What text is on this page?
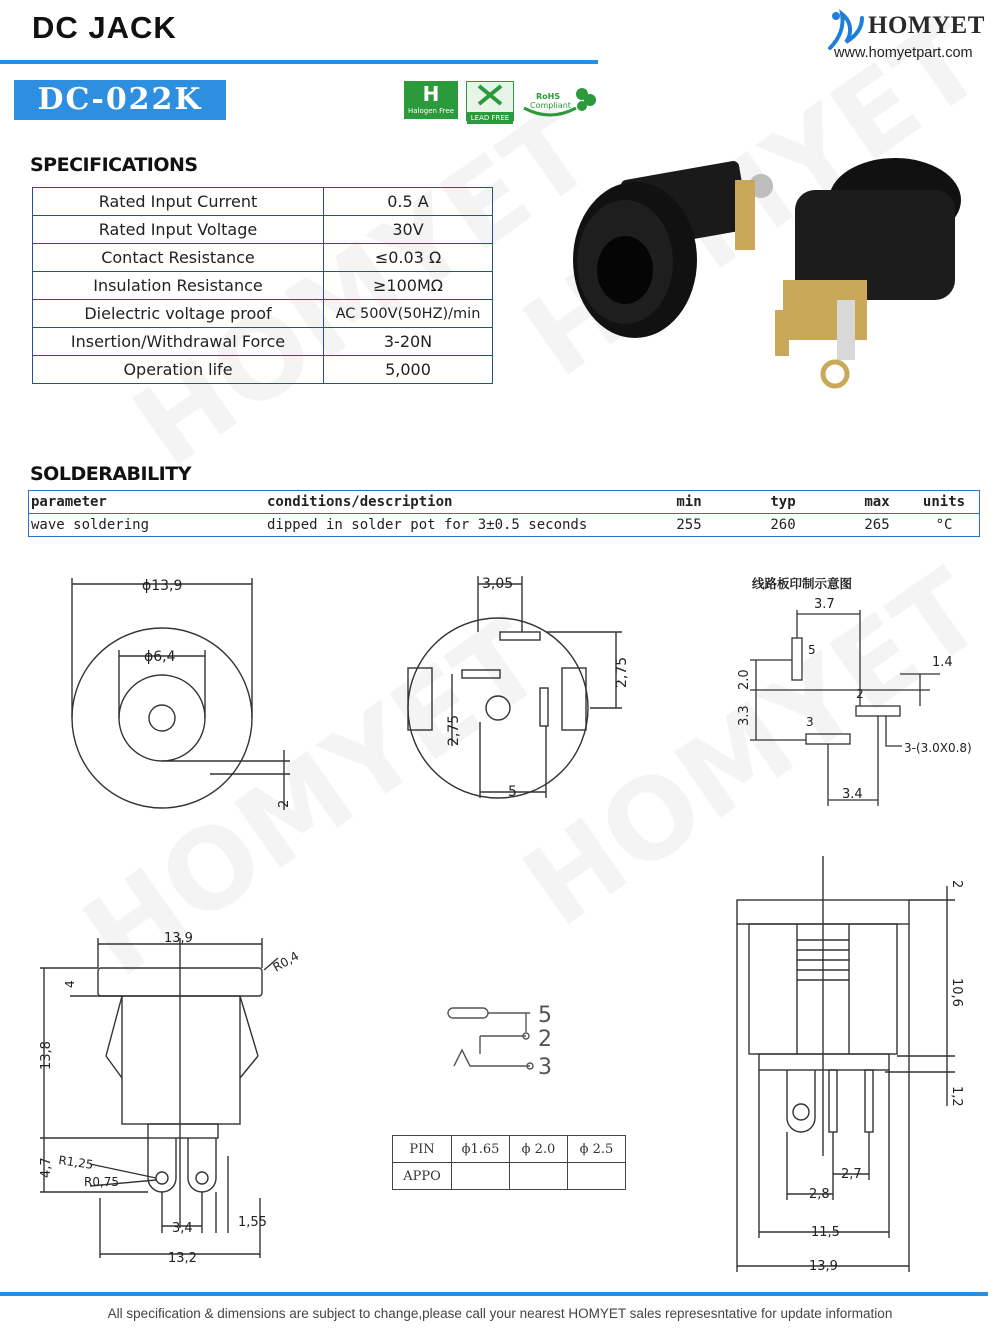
DC JACK	HOMYET
www.homyetpart.com
DC-022K	H
Halogen Free
LEAD FREE
RoHS
Compliant
SPECIFICATIONS
Rated Input Current	0.5 A
Rated Input Voltage	30V
Contact Resistance	≤0.03 Ω
Insulation Resistance	≥100MΩ
Dielectric voltage proof	AC 500V(50HZ)/min
Insertion/Withdrawal Force	3-20N
Operation life	5,000
SOLDERABILITY
parameter	conditions/description	min	typ	max	units
wave soldering	dipped in solder pot for 3±0.5 seconds	255	260	265	°C
ϕ13,9
ϕ6,4
2
3,05
2,75
2,75
5
线路板印制示意图
3.7
2.0
3.3
1.4
3.4
5
2
3
3-(3.0X0.8)
13,9
R0,4
4
13,8
4,7 R1,25
R0,75
3,4	1,55
13,2
5
2
3
PIN	ϕ1.65	ϕ 2.0	ϕ 2.5
APPO			
2
10,6
1,2
2,7
2,8
11,5
13,9
All specification & dimensions are subject to change,please call your nearest HOMYET sales represesntative for update information
